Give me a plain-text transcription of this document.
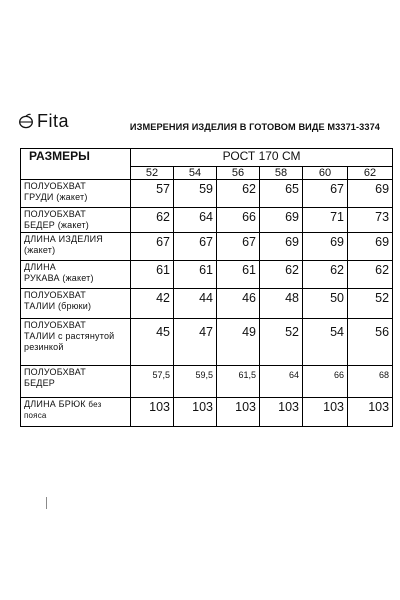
Fita	ИЗМЕРЕНИЯ ИЗДЕЛИЯ В ГОТОВОМ ВИДЕ М3371-3374
РАЗМЕРЫ	РОСТ 170 СМ					
	52	54	56	58	60	62
ПОЛУОБХВАТ
ГРУДИ (жакет)	57	59	62	65	67	69
ПОЛУОБХВАТ
БЕДЕР (жакет)	62	64	66	69	71	73
ДЛИНА ИЗДЕЛИЯ
(жакет)	67	67	67	69	69	69
ДЛИНА
РУКАВА (жакет)	61	61	61	62	62	62
ПОЛУОБХВАТ
ТАЛИИ (брюки)	42	44	46	48	50	52
ПОЛУОБХВАТ
ТАЛИИ с растянутой
резинкой	45	47	49	52	54	56
ПОЛУОБХВАТ
БЕДЕР	57,5	59,5	61,5	64	66	68
ДЛИНА БРЮК без
пояса	103	103	103	103	103	103
